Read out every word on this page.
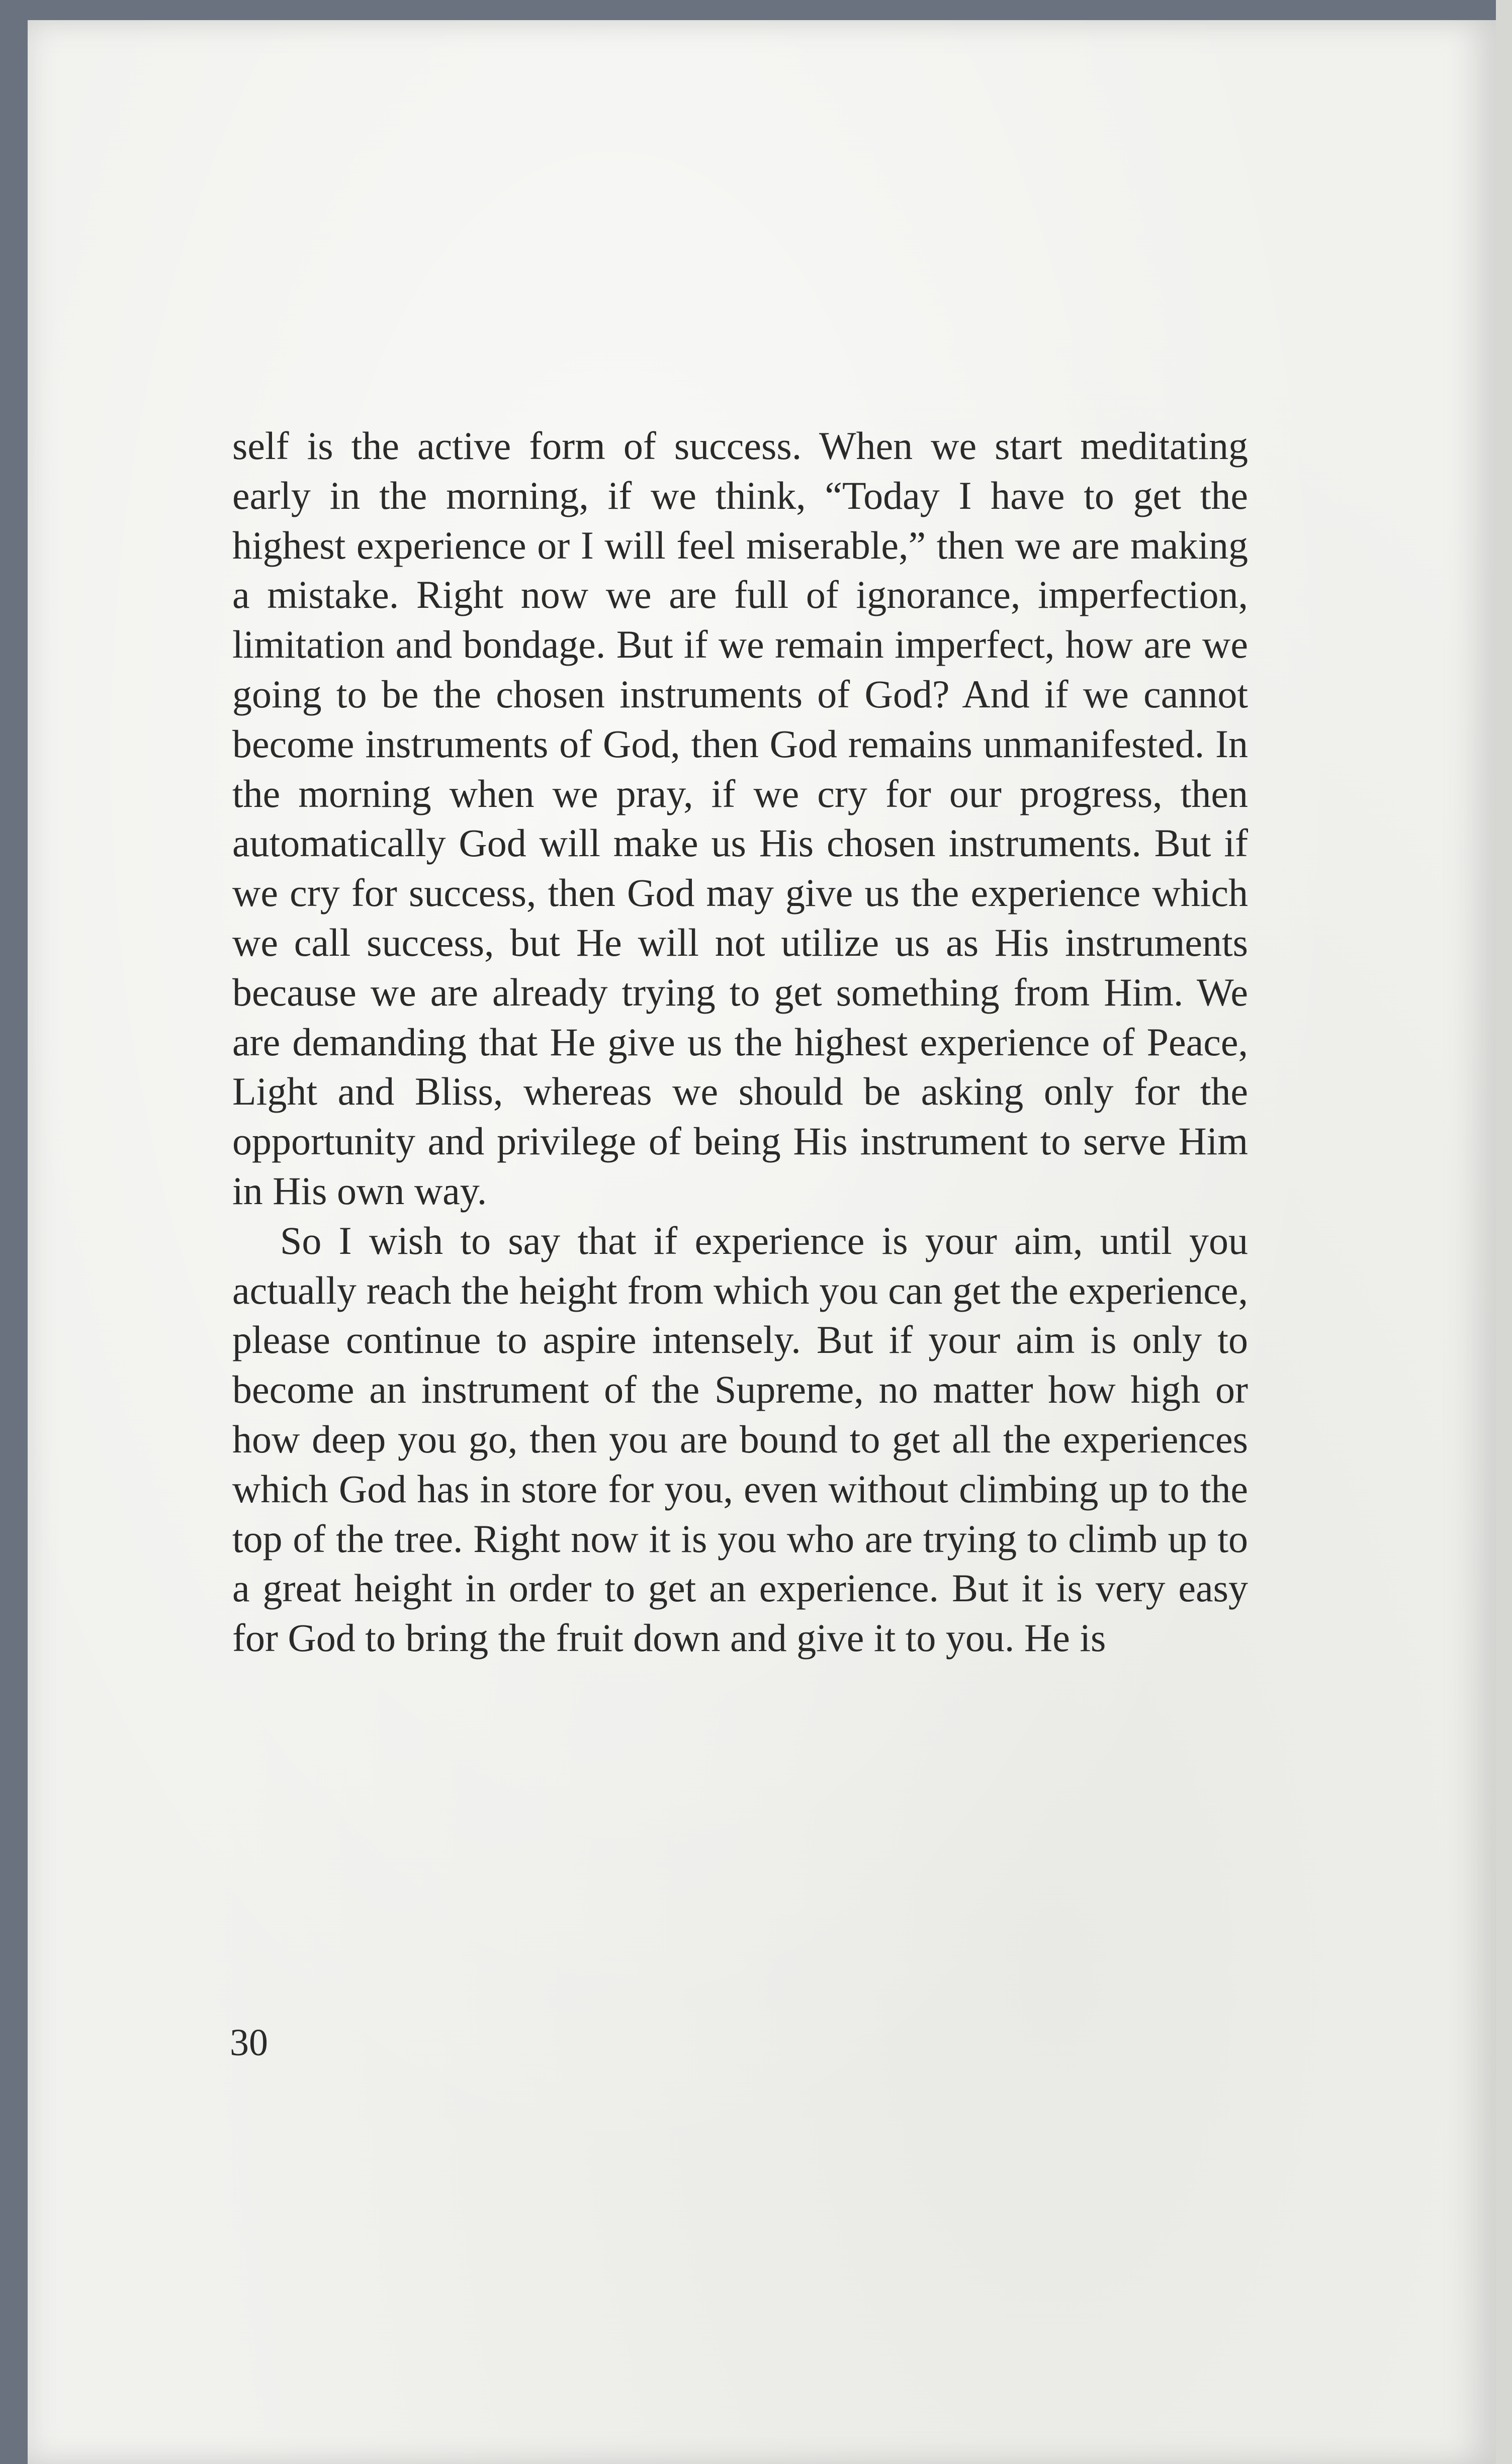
self is the active form of success. When we start meditating early in the morning, if we think, “Today I have to get the highest experience or I will feel miserable,” then we are making a mistake. Right now we are full of ignorance, imperfection, limitation and bondage. But if we remain imperfect, how are we going to be the chosen instruments of God? And if we cannot become instruments of God, then God remains unmanifested. In the morning when we pray, if we cry for our progress, then automatically God will make us His chosen instruments. But if we cry for success, then God may give us the experience which we call success, but He will not utilize us as His instruments because we are already trying to get something from Him. We are demanding that He give us the highest experience of Peace, Light and Bliss, whereas we should be asking only for the opportunity and privilege of being His instrument to serve Him in His own way.

So I wish to say that if experience is your aim, until you actually reach the height from which you can get the experience, please continue to aspire intensely. But if your aim is only to become an instrument of the Supreme, no matter how high or how deep you go, then you are bound to get all the experiences which God has in store for you, even without climbing up to the top of the tree. Right now it is you who are trying to climb up to a great height in order to get an experience. But it is very easy for God to bring the fruit down and give it to you. He is

30
